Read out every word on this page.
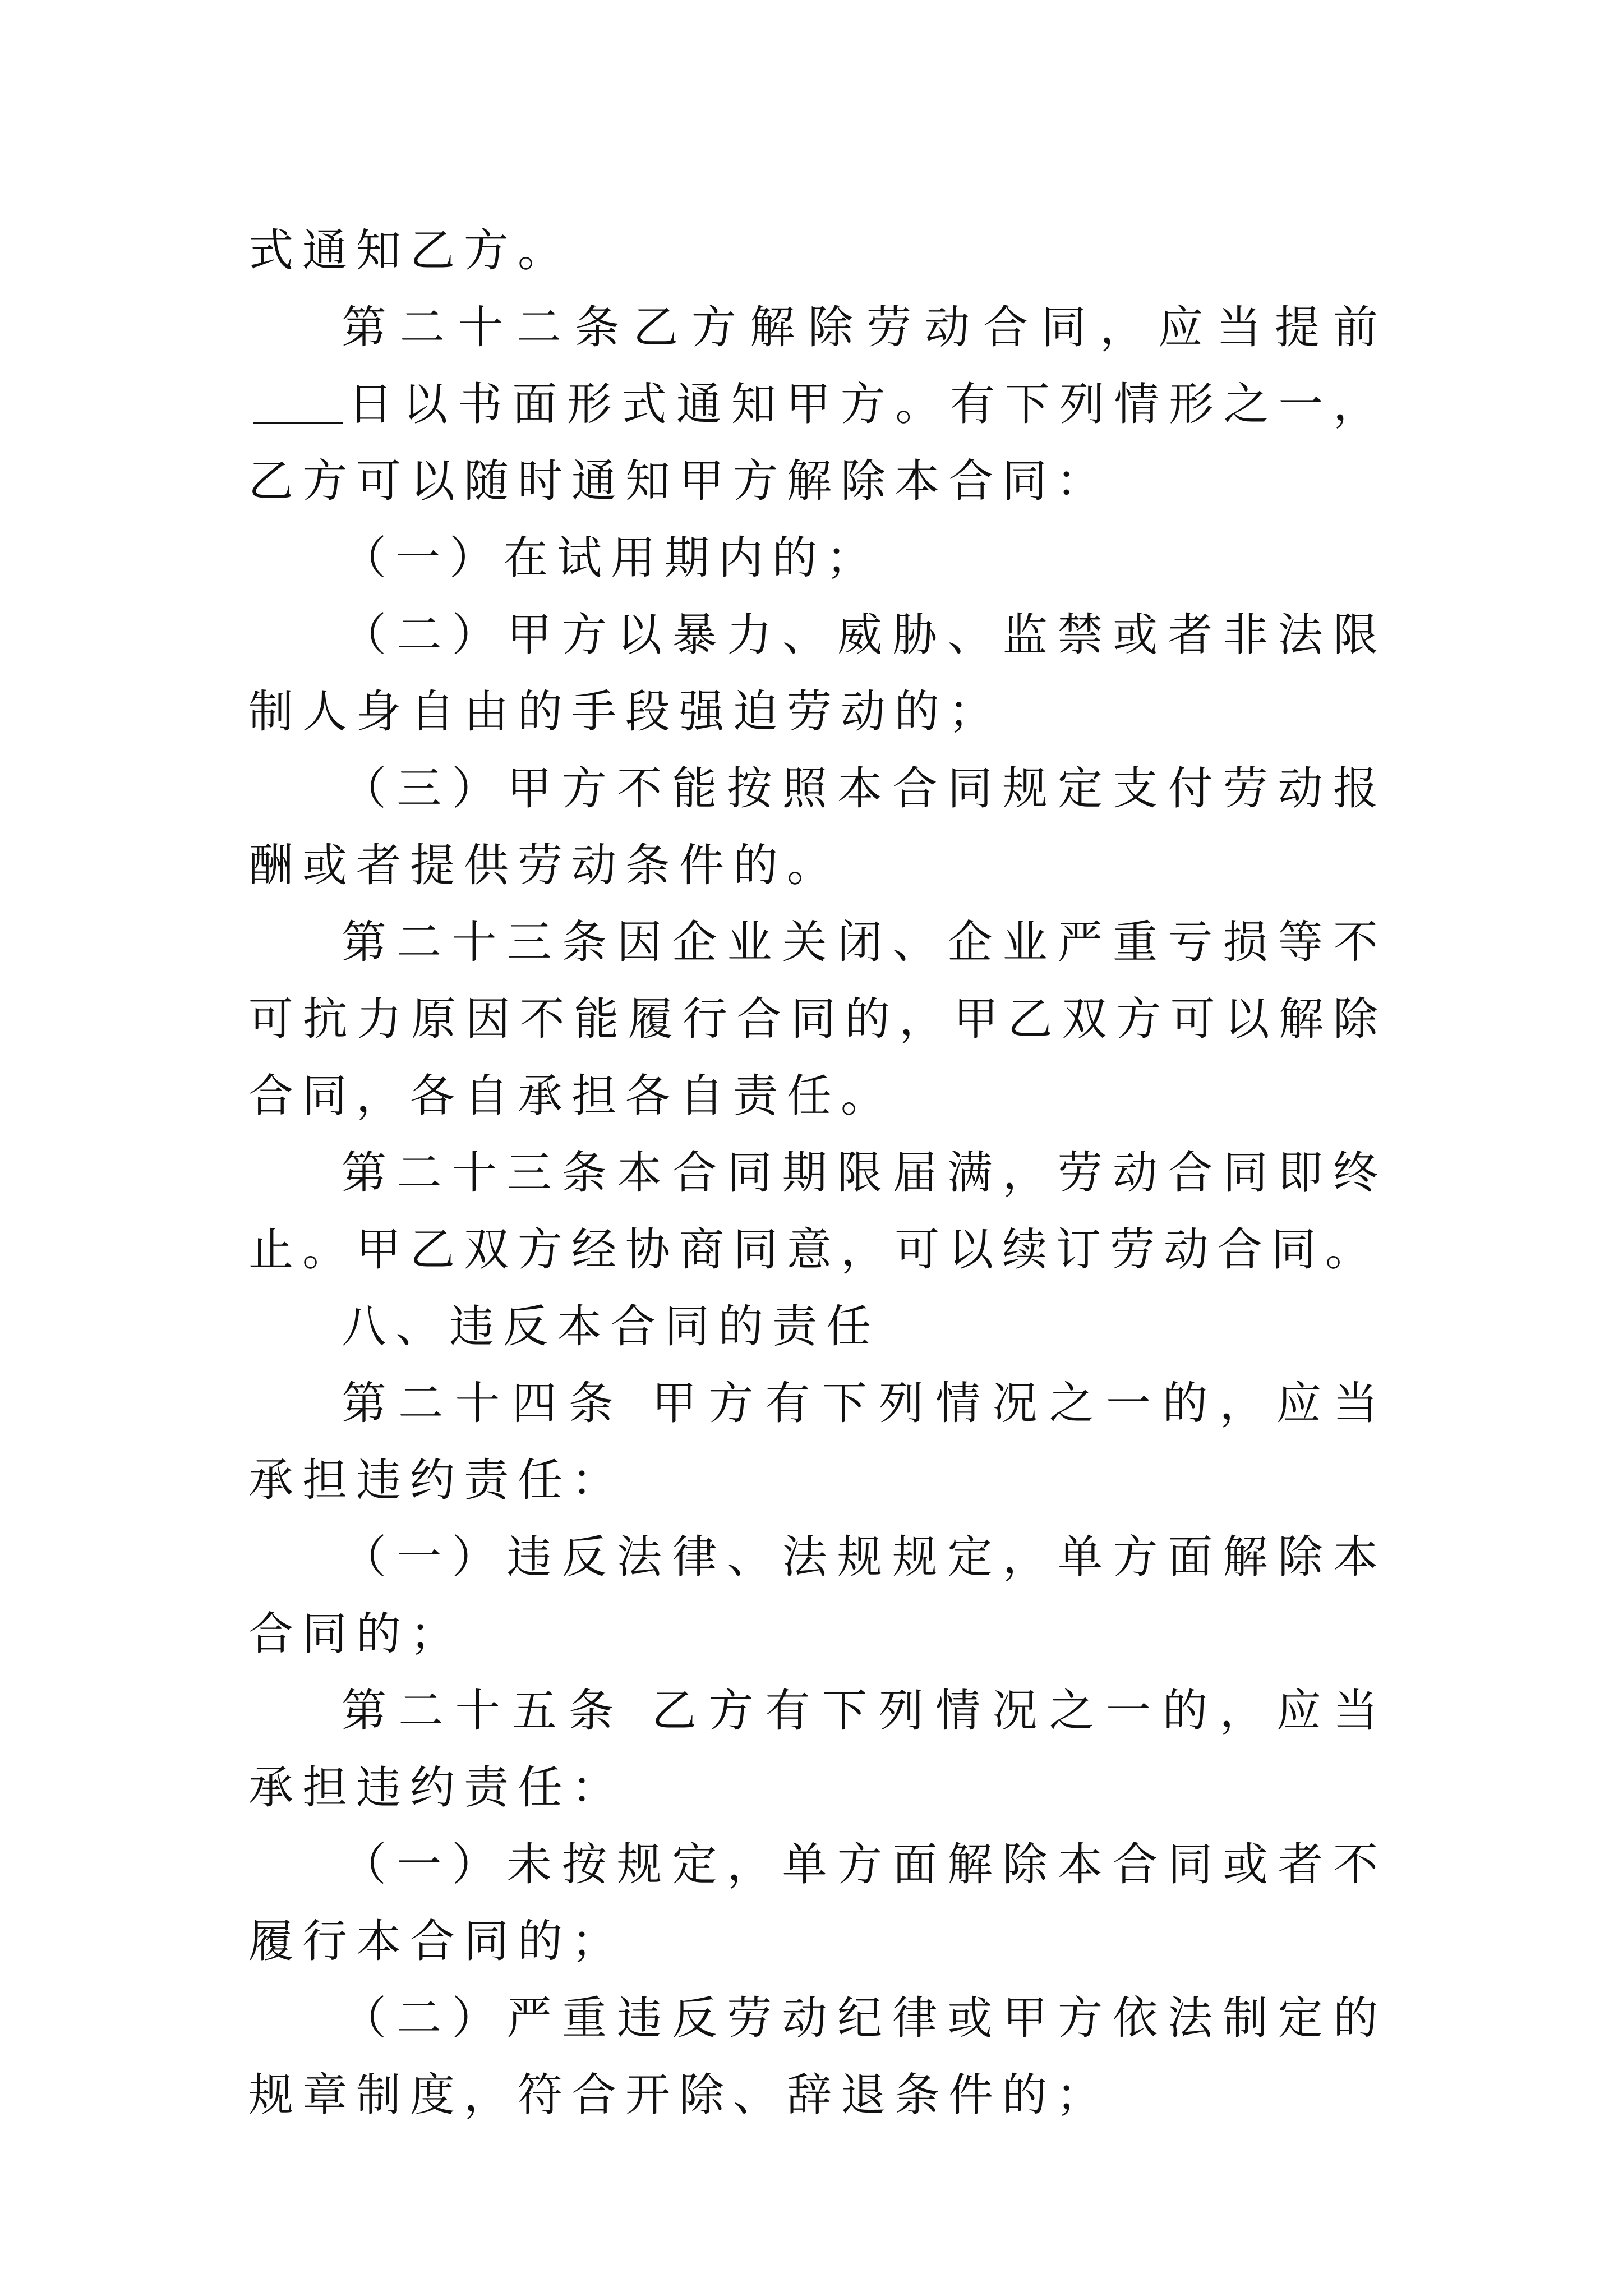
式通知乙方。

第二十二条乙方解除劳动合同，应当提前日以书面形式通知甲方。有下列情形之一，乙方可以随时通知甲方解除本合同：

（一）在试用期内的；

（二）甲方以暴力、威胁、监禁或者非法限制人身自由的手段强迫劳动的；

（三）甲方不能按照本合同规定支付劳动报酬或者提供劳动条件的。

第二十三条因企业关闭、企业严重亏损等不可抗力原因不能履行合同的，甲乙双方可以解除合同，各自承担各自责任。

第二十三条本合同期限届满，劳动合同即终止。甲乙双方经协商同意，可以续订劳动合同。

八、违反本合同的责任

第二十四条 甲方有下列情况之一的，应当承担违约责任：

（一）违反法律、法规规定，单方面解除本合同的；

第二十五条 乙方有下列情况之一的，应当承担违约责任：

（一）未按规定，单方面解除本合同或者不履行本合同的；

（二）严重违反劳动纪律或甲方依法制定的规章制度，符合开除、辞退条件的；
